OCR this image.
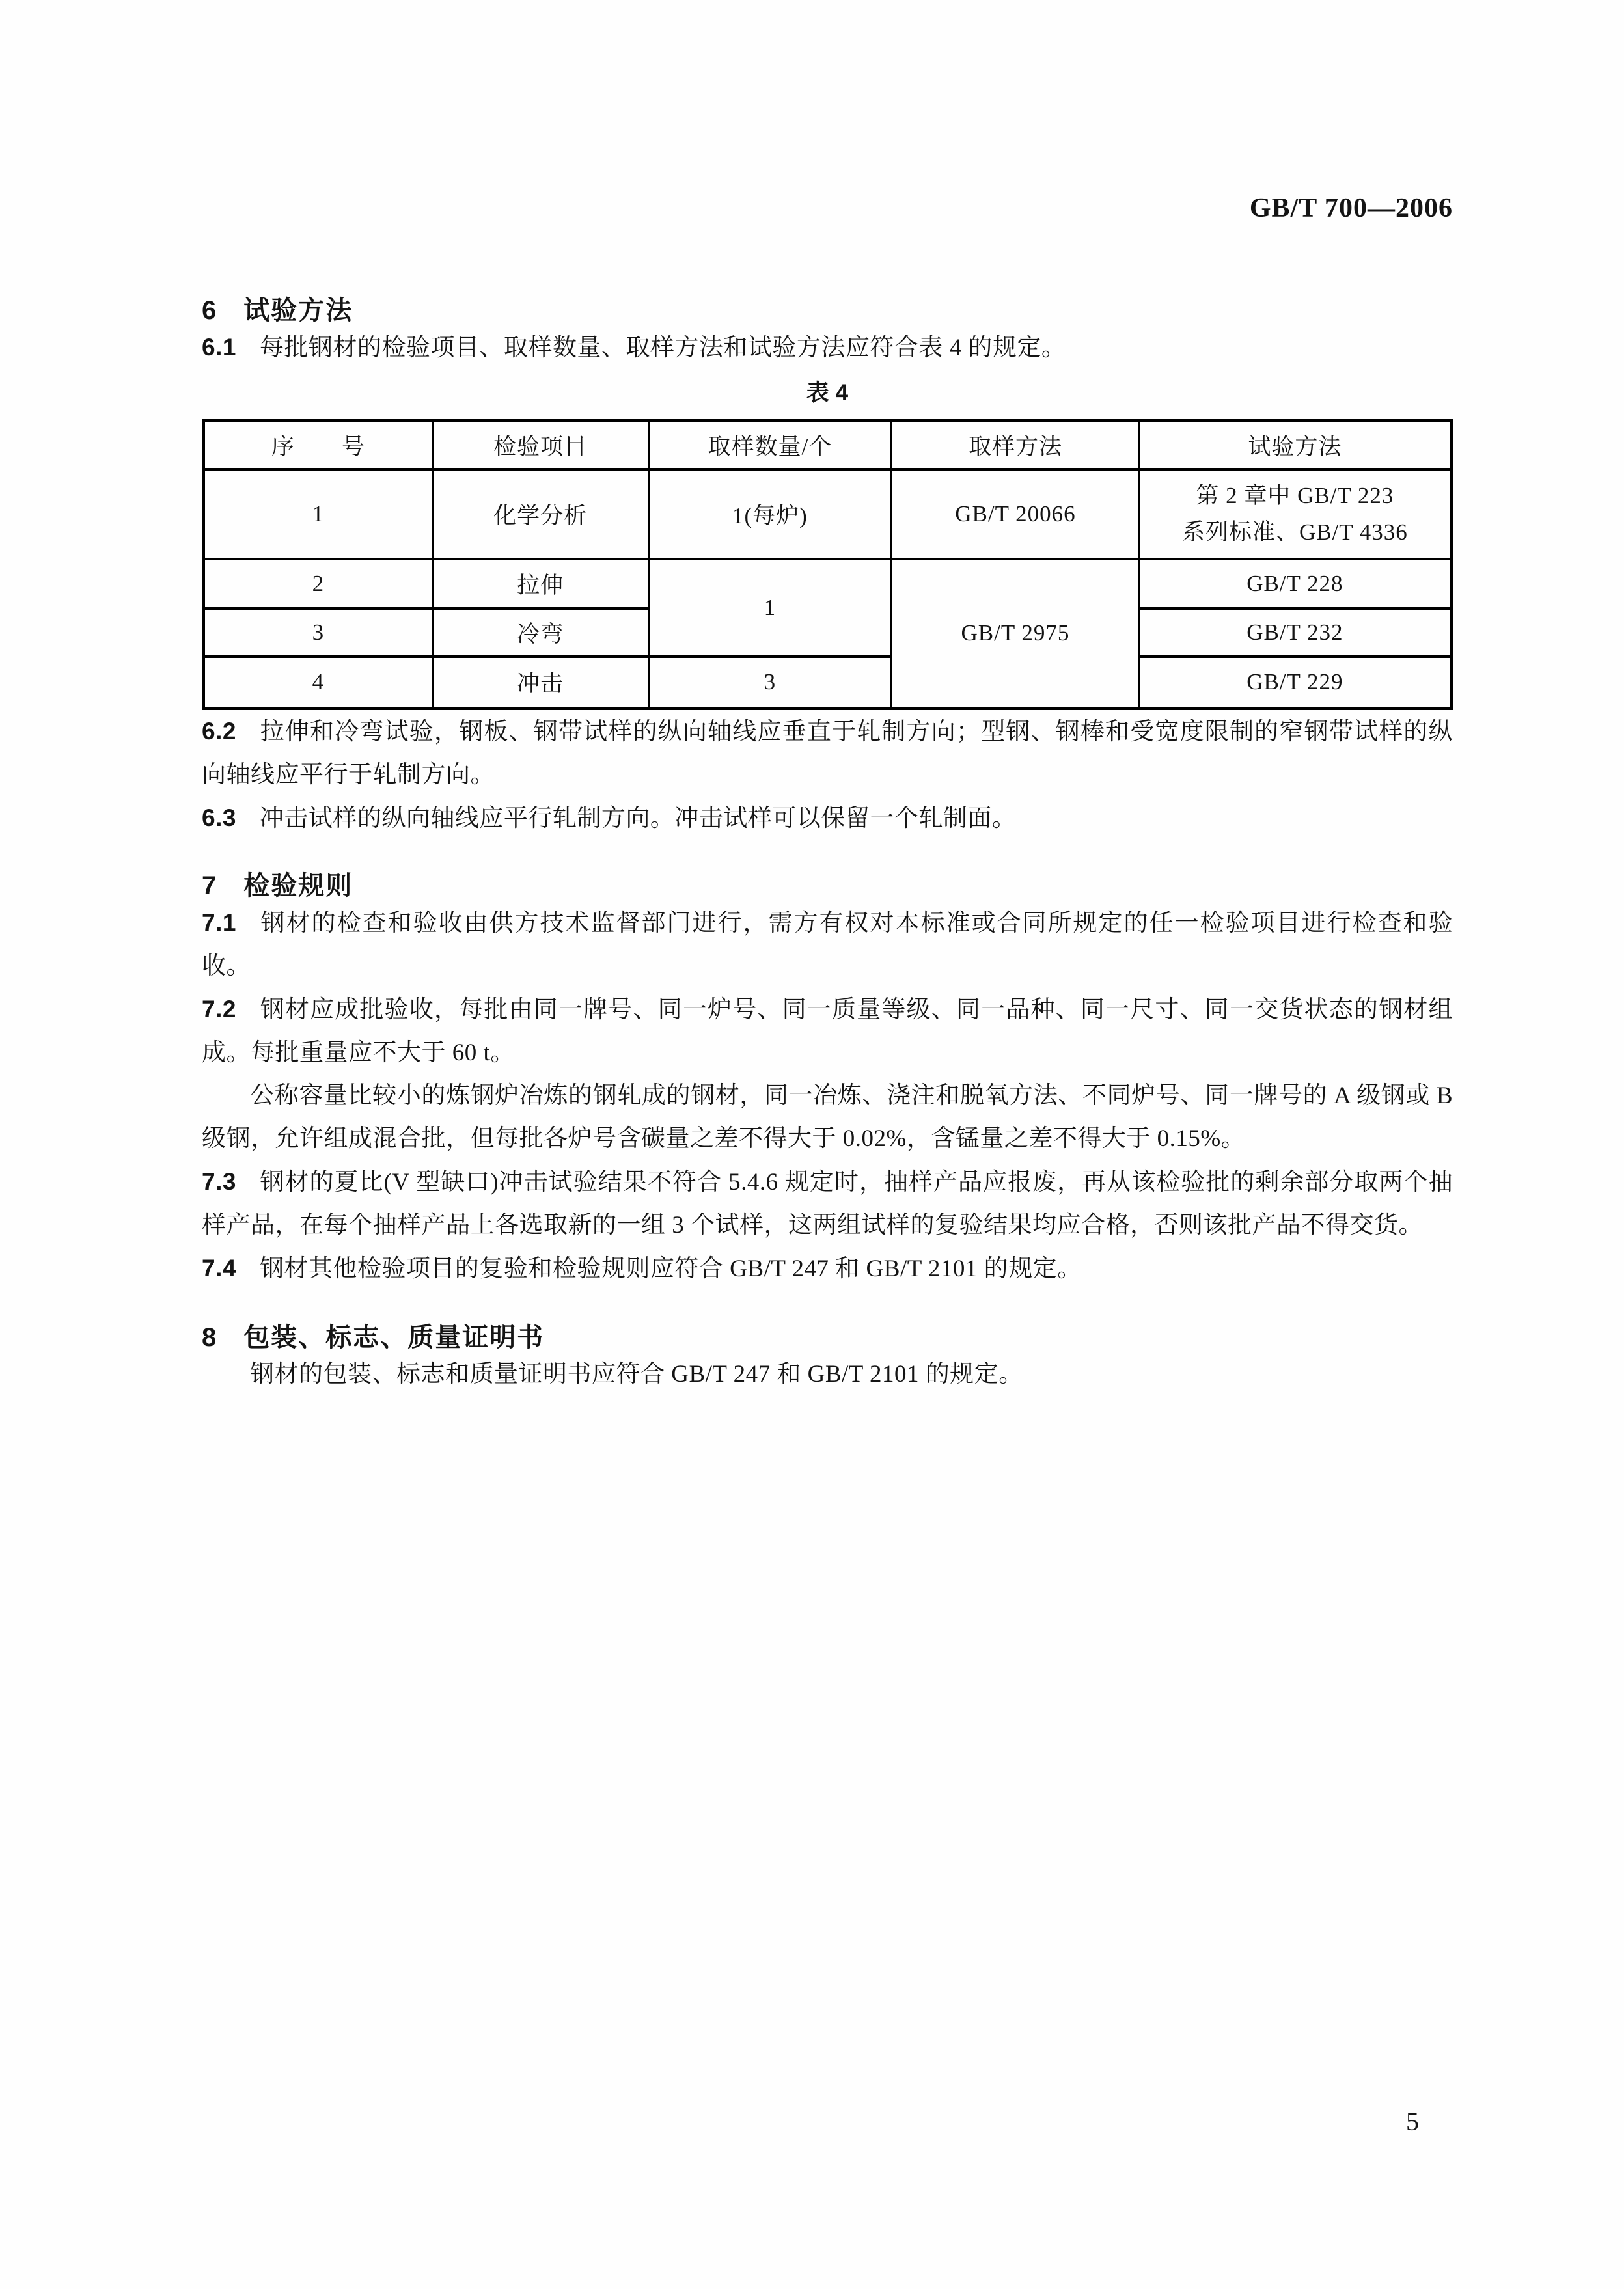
GB/T 700—2006
6 试验方法

6.1 每批钢材的检验项目、取样数量、取样方法和试验方法应符合表 4 的规定。

表 4
序　　号	检验项目	取样数量/个	取样方法	试验方法
1	化学分析	1(每炉)	GB/T 20066	第 2 章中 GB/T 223
系列标准、GB/T 4336

2	拉伸	1	GB/T 2975	GB/T 228
3	冷弯			GB/T 232
4	冲击	3		GB/T 229

6.2 拉伸和冷弯试验，钢板、钢带试样的纵向轴线应垂直于轧制方向；型钢、钢棒和受宽度限制的窄钢带试样的纵向轴线应平行于轧制方向。

6.3 冲击试样的纵向轴线应平行轧制方向。冲击试样可以保留一个轧制面。

7 检验规则

7.1 钢材的检查和验收由供方技术监督部门进行，需方有权对本标准或合同所规定的任一检验项目进行检查和验收。

7.2 钢材应成批验收，每批由同一牌号、同一炉号、同一质量等级、同一品种、同一尺寸、同一交货状态的钢材组成。每批重量应不大于 60 t。

公称容量比较小的炼钢炉冶炼的钢轧成的钢材，同一冶炼、浇注和脱氧方法、不同炉号、同一牌号的 A 级钢或 B 级钢，允许组成混合批，但每批各炉号含碳量之差不得大于 0.02%，含锰量之差不得大于 0.15%。

7.3 钢材的夏比(V 型缺口)冲击试验结果不符合 5.4.6 规定时，抽样产品应报废，再从该检验批的剩余部分取两个抽样产品，在每个抽样产品上各选取新的一组 3 个试样，这两组试样的复验结果均应合格，否则该批产品不得交货。

7.4 钢材其他检验项目的复验和检验规则应符合 GB/T 247 和 GB/T 2101 的规定。

8 包装、标志、质量证明书

钢材的包装、标志和质量证明书应符合 GB/T 247 和 GB/T 2101 的规定。

5
